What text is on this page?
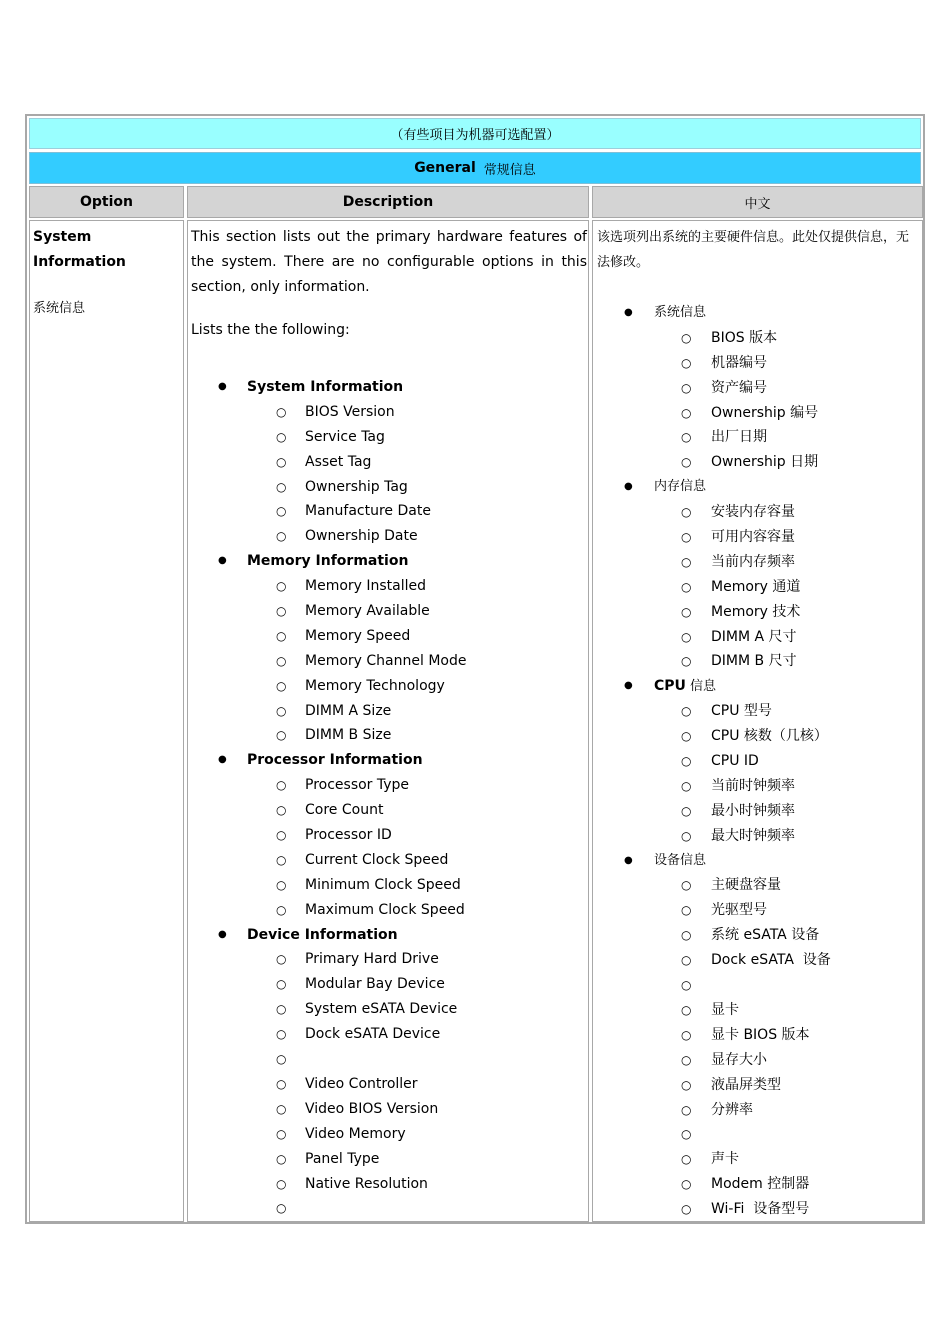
（有些项目为机器可选配置）
General 常规信息
Option	Description	中文
System Information
系统信息
This section lists out the primary hardware features of the system. There are no configurable options in this section, only information.
Lists the the following:
● System Information
○ BIOS Version
○ Service Tag
○ Asset Tag
○ Ownership Tag
○ Manufacture Date
○ Ownership Date
● Memory Information
○ Memory Installed
○ Memory Available
○ Memory Speed
○ Memory Channel Mode
○ Memory Technology
○ DIMM A Size
○ DIMM B Size
● Processor Information
○ Processor Type
○ Core Count
○ Processor ID
○ Current Clock Speed
○ Minimum Clock Speed
○ Maximum Clock Speed
● Device Information
○ Primary Hard Drive
○ Modular Bay Device
○ System eSATA Device
○ Dock eSATA Device
○
○ Video Controller
○ Video BIOS Version
○ Video Memory
○ Panel Type
○ Native Resolution
○
该选项列出系统的主要硬件信息。此处仅提供信息，无法修改。
● 系统信息
○ BIOS 版本
○ 机器编号
○ 资产编号
○ Ownership 编号
○ 出厂日期
○ Ownership 日期
● 内存信息
○ 安装内存容量
○ 可用内容容量
○ 当前内存频率
○ Memory 通道
○ Memory 技术
○ DIMM A 尺寸
○ DIMM B 尺寸
● CPU 信息
○ CPU 型号
○ CPU 核数（几核）
○ CPU ID
○ 当前时钟频率
○ 最小时钟频率
○ 最大时钟频率
● 设备信息
○ 主硬盘容量
○ 光驱型号
○ 系统 eSATA 设备
○ Dock eSATA  设备
○
○ 显卡
○ 显卡 BIOS 版本
○ 显存大小
○ 液晶屏类型
○ 分辨率
○
○ 声卡
○ Modem 控制器
○ Wi-Fi  设备型号
